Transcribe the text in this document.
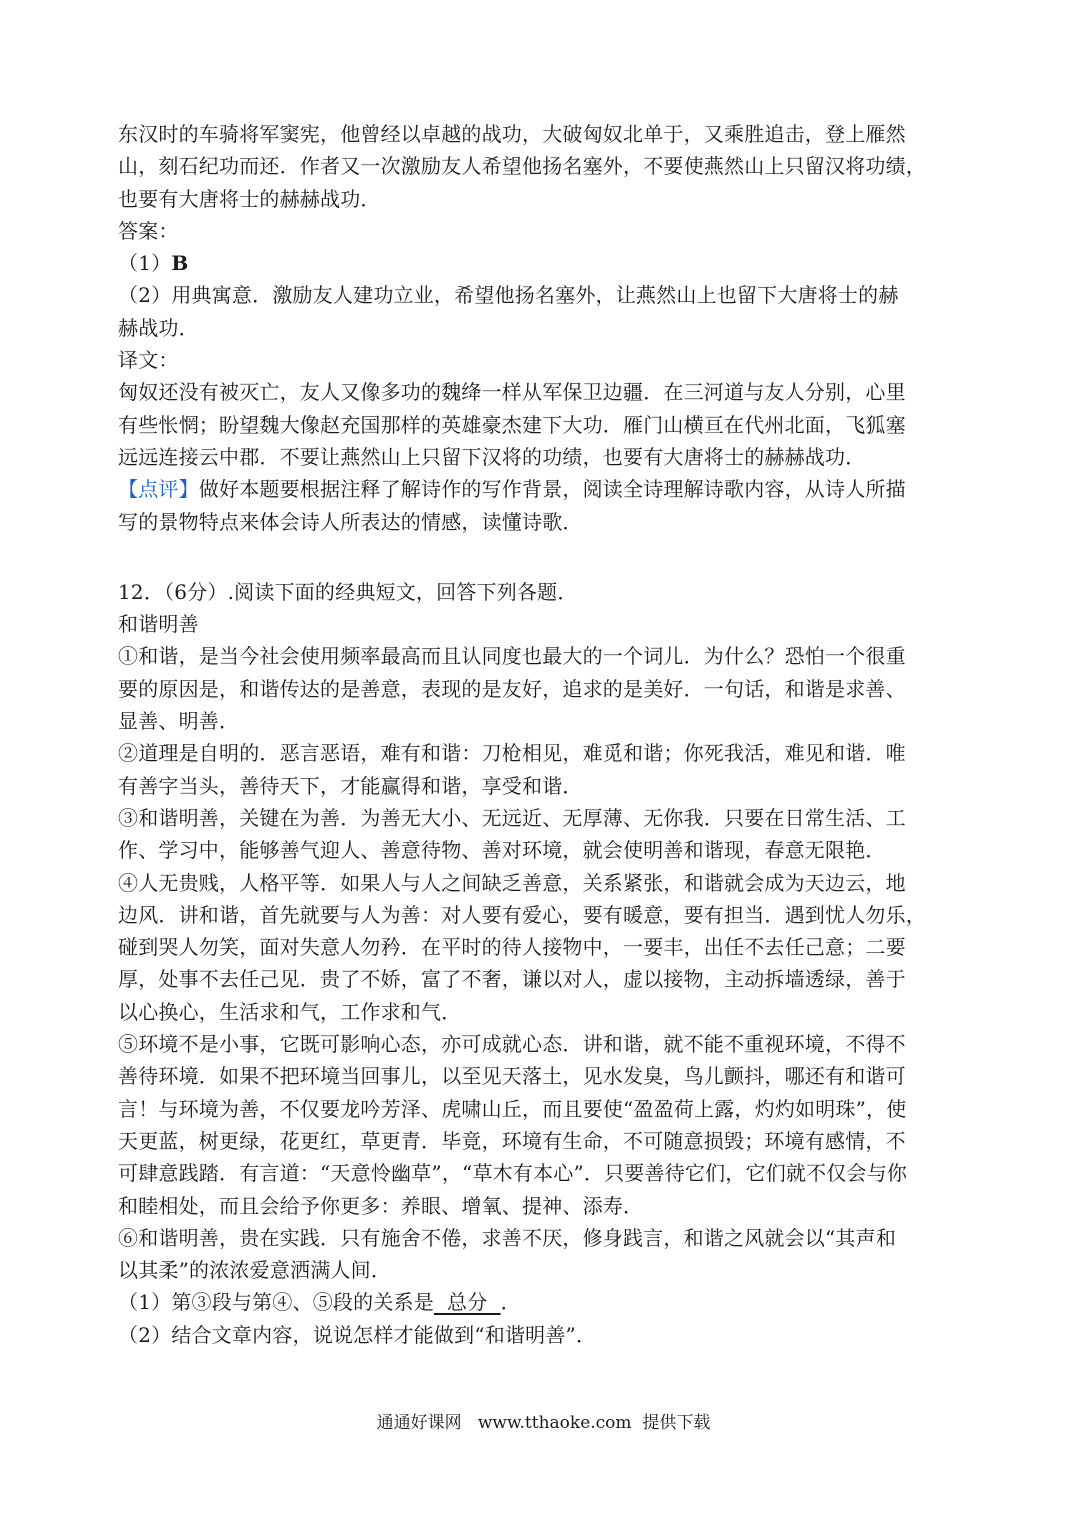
东汉时的车骑将军窦宪，他曾经以卓越的战功，大破匈奴北单于，又乘胜追击，登上雁然
山，刻石纪功而还．作者又一次激励友人希望他扬名塞外，不要使燕然山上只留汉将功绩，
也要有大唐将士的赫赫战功．
答案：
（1）B
（2）用典寓意．激励友人建功立业，希望他扬名塞外，让燕然山上也留下大唐将士的赫
赫战功．
译文：
匈奴还没有被灭亡，友人又像多功的魏绛一样从军保卫边疆．在三河道与友人分别，心里
有些怅惘；盼望魏大像赵充国那样的英雄豪杰建下大功．雁门山横亘在代州北面，飞狐塞
远远连接云中郡．不要让燕然山上只留下汉将的功绩，也要有大唐将士的赫赫战功．
【点评】做好本题要根据注释了解诗作的写作背景，阅读全诗理解诗歌内容，从诗人所描
写的景物特点来体会诗人所表达的情感，读懂诗歌．
12．（6分）.阅读下面的经典短文，回答下列各题．
和谐明善
①和谐，是当今社会使用频率最高而且认同度也最大的一个词儿．为什么？恐怕一个很重
要的原因是，和谐传达的是善意，表现的是友好，追求的是美好．一句话，和谐是求善、
显善、明善．
②道理是自明的．恶言恶语，难有和谐：刀枪相见，难觅和谐；你死我活，难见和谐．唯
有善字当头，善待天下，才能赢得和谐，享受和谐．
③和谐明善，关键在为善．为善无大小、无远近、无厚薄、无你我．只要在日常生活、工
作、学习中，能够善气迎人、善意待物、善对环境，就会使明善和谐现，春意无限艳．
④人无贵贱，人格平等．如果人与人之间缺乏善意，关系紧张，和谐就会成为天边云，地
边风．讲和谐，首先就要与人为善：对人要有爱心，要有暖意，要有担当．遇到忧人勿乐，
碰到哭人勿笑，面对失意人勿矜．在平时的待人接物中，一要丰，出任不去任己意；二要
厚，处事不去任己见．贵了不娇，富了不奢，谦以对人，虚以接物，主动拆墙透绿，善于
以心换心，生活求和气，工作求和气．
⑤环境不是小事，它既可影响心态，亦可成就心态．讲和谐，就不能不重视环境，不得不
善待环境．如果不把环境当回事儿，以至见天落土，见水发臭，鸟儿颤抖，哪还有和谐可
言！与环境为善，不仅要龙吟芳泽、虎啸山丘，而且要使“盈盈荷上露，灼灼如明珠”，使
天更蓝，树更绿，花更红，草更青．毕竟，环境有生命，不可随意损毁；环境有感情，不
可肆意践踏．有言道：“天意怜幽草”，“草木有本心”．只要善待它们，它们就不仅会与你
和睦相处，而且会给予你更多：养眼、增氧、提神、添寿．
⑥和谐明善，贵在实践．只有施舍不倦，求善不厌，修身践言，和谐之风就会以“其声和
以其柔”的浓浓爱意洒满人间．
（1）第③段与第④、⑤段的关系是  总分  ．
（2）结合文章内容，说说怎样才能做到“和谐明善”．
通通好课网   www.tthaoke.com  提供下载
